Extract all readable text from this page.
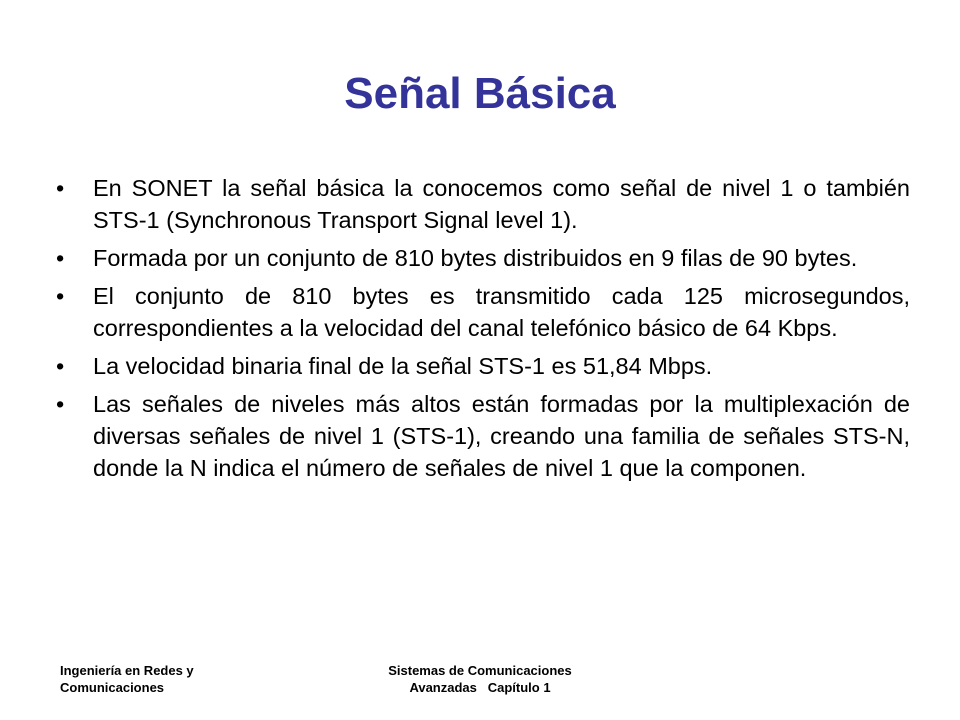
Señal Básica
•	En SONET la señal básica la conocemos como señal de nivel 1 o también STS-1 (Synchronous Transport Signal level 1).
•	Formada por un conjunto de 810 bytes distribuidos en 9 filas de 90 bytes.
•	El conjunto de 810 bytes es transmitido cada 125 microsegundos, correspondientes a la velocidad del canal telefónico básico de 64 Kbps.
•	La velocidad binaria final de la señal STS-1 es 51,84 Mbps.
•	Las señales de niveles más altos están formadas por la multiplexación de diversas señales de nivel 1 (STS-1), creando una familia de señales STS-N, donde la N indica el número de señales de nivel 1 que la componen.
Ingeniería en Redes y
Comunicaciones
Sistemas de Comunicaciones
Avanzadas   Capítulo 1
